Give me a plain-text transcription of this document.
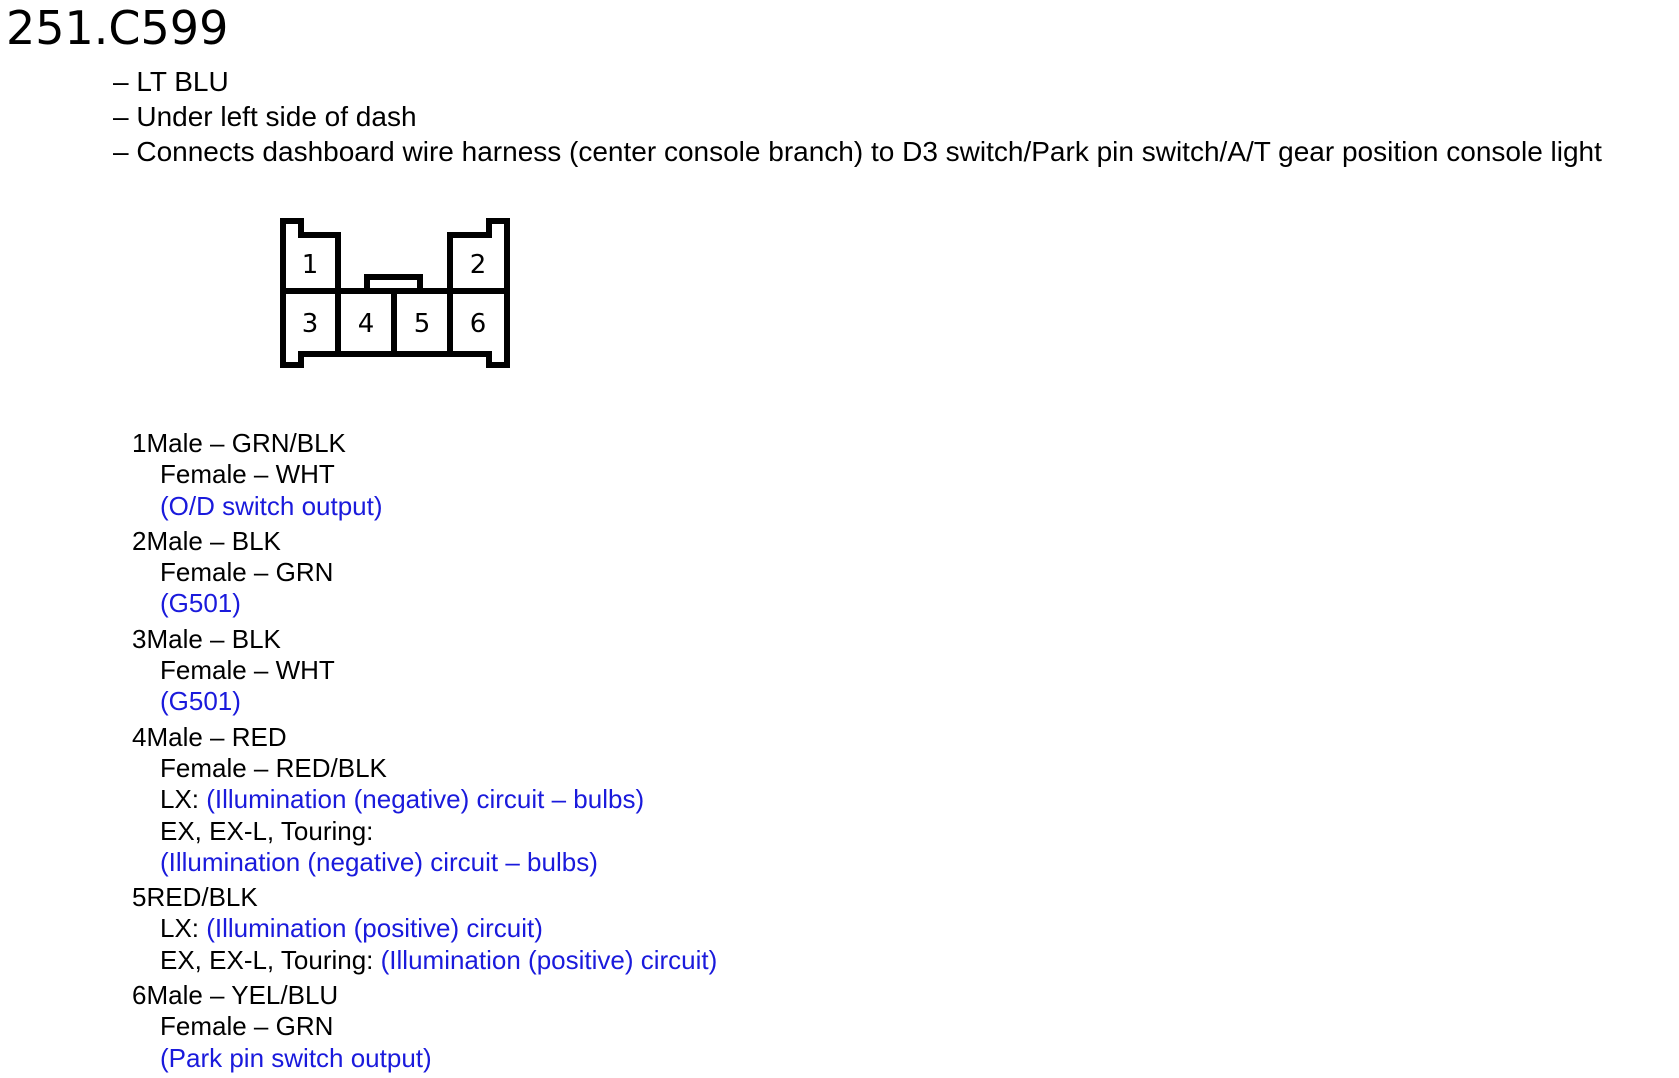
251.C599
– LT BLU
– Under left side of dash
– Connects dashboard wire harness (center console branch) to D3 switch/Park pin switch/A/T gear position console light
1	2
3 4 5 6
1Male – GRN/BLK
Female – WHT
(O/D switch output)
2Male – BLK
Female – GRN
(G501)
3Male – BLK
Female – WHT
(G501)
4Male – RED
Female – RED/BLK
LX: (Illumination (negative) circuit – bulbs)
EX, EX-L, Touring:
(Illumination (negative) circuit – bulbs)
5RED/BLK
LX: (Illumination (positive) circuit)
EX, EX-L, Touring: (Illumination (positive) circuit)
6Male – YEL/BLU
Female – GRN
(Park pin switch output)
